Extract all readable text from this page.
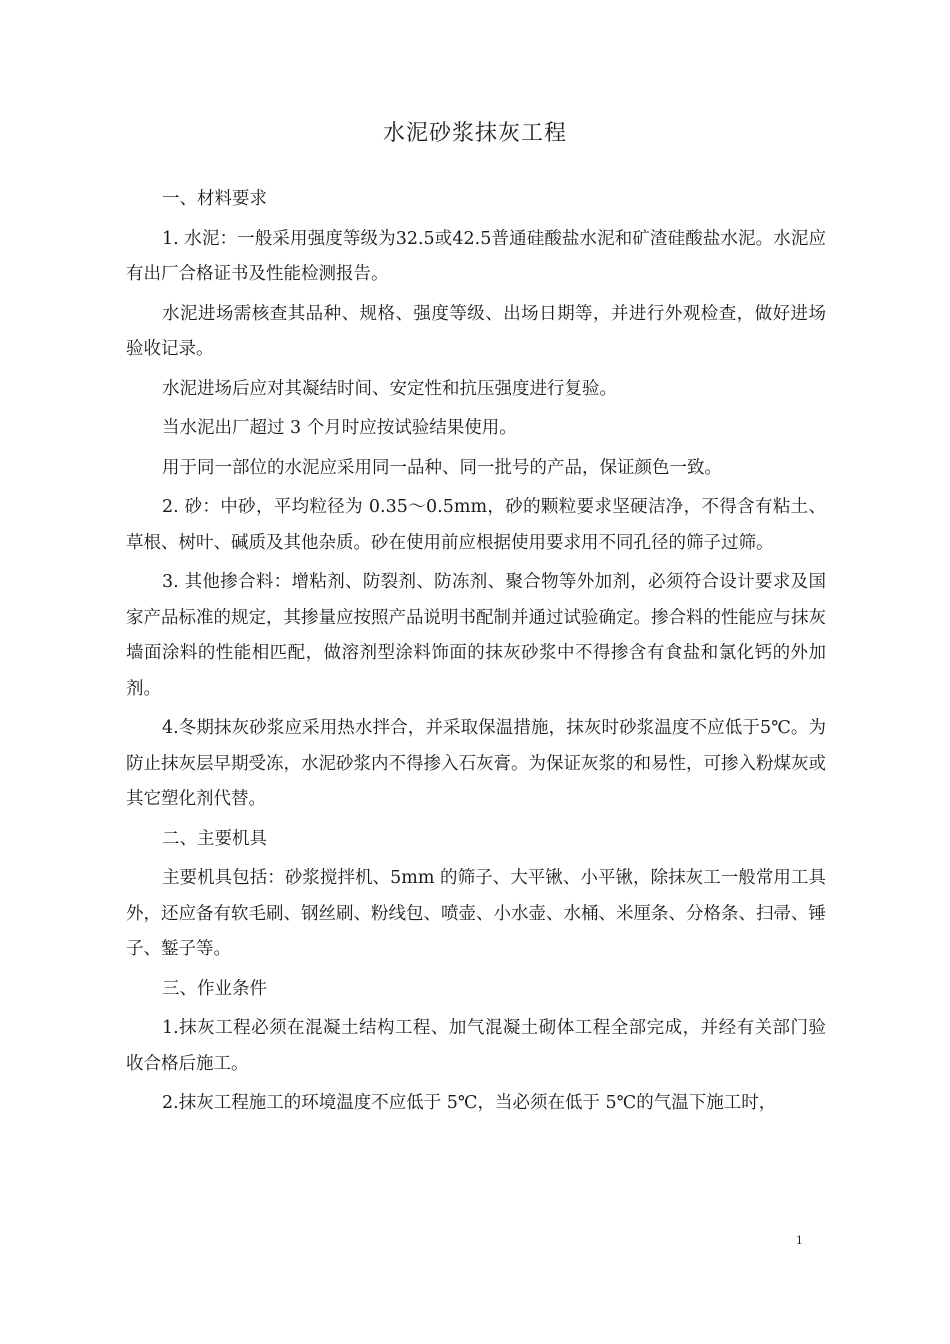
水泥砂浆抹灰工程

一、材料要求

1. 水泥：一般采用强度等级为32.5或42.5普通硅酸盐水泥和矿渣硅酸盐水泥。水泥应有出厂合格证书及性能检测报告。

水泥进场需核查其品种、规格、强度等级、出场日期等，并进行外观检查，做好进场验收记录。

水泥进场后应对其凝结时间、安定性和抗压强度进行复验。

当水泥出厂超过 3 个月时应按试验结果使用。

用于同一部位的水泥应采用同一品种、同一批号的产品，保证颜色一致。

2. 砂：中砂，平均粒径为 0.35～0.5mm，砂的颗粒要求坚硬洁净，不得含有粘土、草根、树叶、碱质及其他杂质。砂在使用前应根据使用要求用不同孔径的筛子过筛。

3. 其他掺合料：增粘剂、防裂剂、防冻剂、聚合物等外加剂，必须符合设计要求及国家产品标准的规定，其掺量应按照产品说明书配制并通过试验确定。掺合料的性能应与抹灰墙面涂料的性能相匹配，做溶剂型涂料饰面的抹灰砂浆中不得掺含有食盐和氯化钙的外加剂。

4.冬期抹灰砂浆应采用热水拌合，并采取保温措施，抹灰时砂浆温度不应低于5℃。为防止抹灰层早期受冻，水泥砂浆内不得掺入石灰膏。为保证灰浆的和易性，可掺入粉煤灰或其它塑化剂代替。

二、主要机具

主要机具包括：砂浆搅拌机、5mm 的筛子、大平锹、小平锹，除抹灰工一般常用工具外，还应备有软毛刷、钢丝刷、粉线包、喷壶、小水壶、水桶、米厘条、分格条、扫帚、锤子、錾子等。

三、作业条件

1.抹灰工程必须在混凝土结构工程、加气混凝土砌体工程全部完成，并经有关部门验收合格后施工。

2.抹灰工程施工的环境温度不应低于 5℃，当必须在低于 5℃的气温下施工时，

1
